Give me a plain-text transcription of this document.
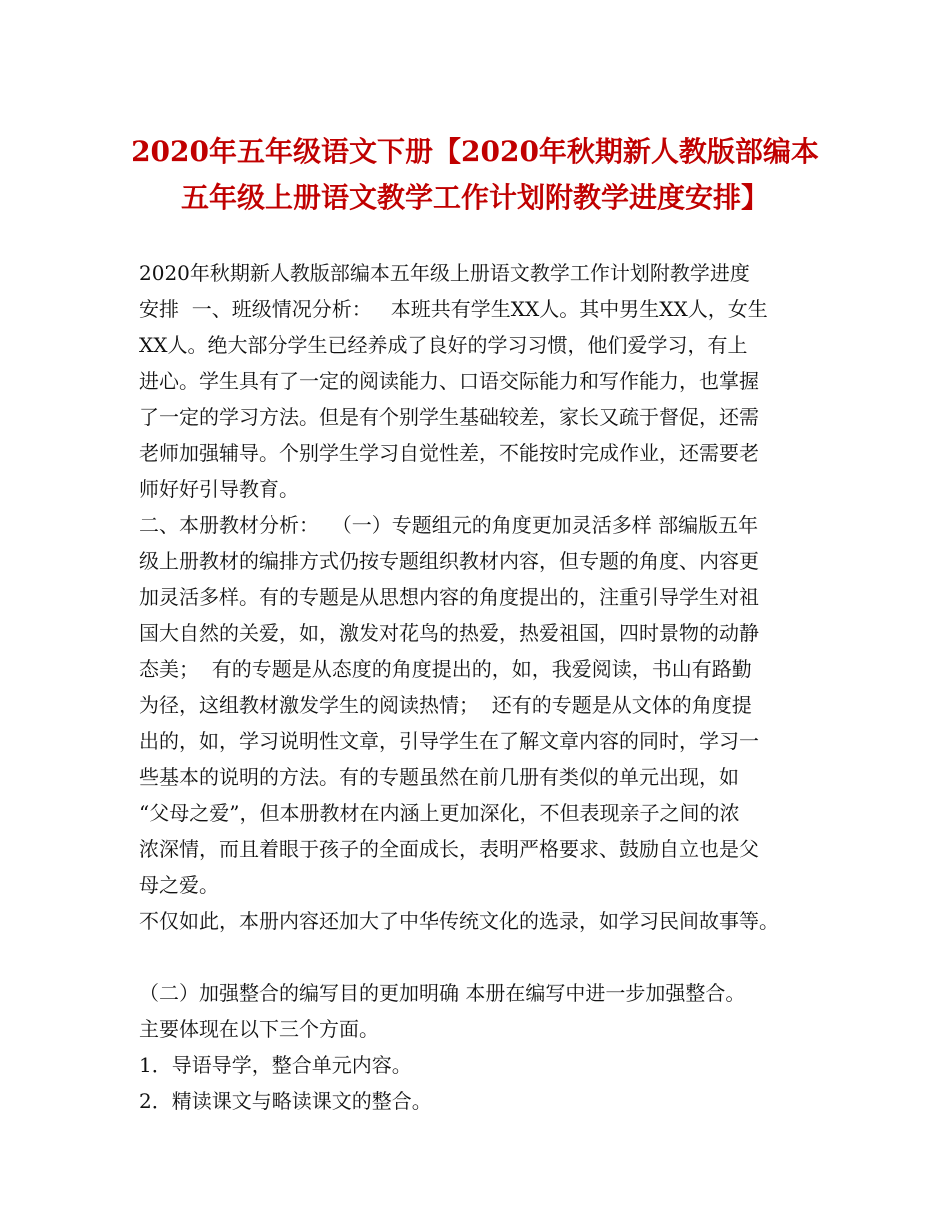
2020年五年级语文下册【2020年秋期新人教版部编本
五年级上册语文教学工作计划附教学进度安排】
2020年秋期新人教版部编本五年级上册语文教学工作计划附教学进度
安排  一、班级情况分析：   本班共有学生XX人。其中男生XX人，女生
XX人。绝大部分学生已经养成了良好的学习习惯，他们爱学习，有上
进心。学生具有了一定的阅读能力、口语交际能力和写作能力，也掌握
了一定的学习方法。但是有个别学生基础较差，家长又疏于督促，还需
老师加强辅导。个别学生学习自觉性差，不能按时完成作业，还需要老
师好好引导教育。
二、本册教材分析：  （一）专题组元的角度更加灵活多样 部编版五年
级上册教材的编排方式仍按专题组织教材内容，但专题的角度、内容更
加灵活多样。有的专题是从思想内容的角度提出的，注重引导学生对祖
国大自然的关爱，如，激发对花鸟的热爱，热爱祖国，四时景物的动静
态美；  有的专题是从态度的角度提出的，如，我爱阅读，书山有路勤
为径，这组教材激发学生的阅读热情；  还有的专题是从文体的角度提
出的，如，学习说明性文章，引导学生在了解文章内容的同时，学习一
些基本的说明的方法。有的专题虽然在前几册有类似的单元出现，如
“父母之爱”，但本册教材在内涵上更加深化，不但表现亲子之间的浓
浓深情，而且着眼于孩子的全面成长，表明严格要求、鼓励自立也是父
母之爱。
不仅如此，本册内容还加大了中华传统文化的选录，如学习民间故事等。
（二）加强整合的编写目的更加明确 本册在编写中进一步加强整合。
主要体现在以下三个方面。
1．导语导学，整合单元内容。
2．精读课文与略读课文的整合。
